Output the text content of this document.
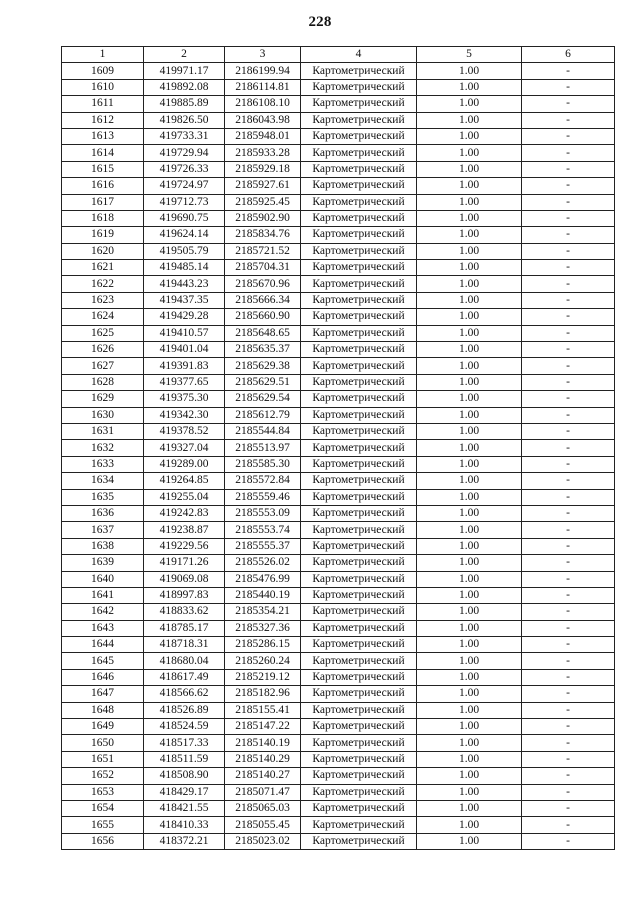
228
1	2	3	4	5	6
1609	419971.17	2186199.94	Картометрический	1.00	-
1610	419892.08	2186114.81	Картометрический	1.00	-
1611	419885.89	2186108.10	Картометрический	1.00	-
1612	419826.50	2186043.98	Картометрический	1.00	-
1613	419733.31	2185948.01	Картометрический	1.00	-
1614	419729.94	2185933.28	Картометрический	1.00	-
1615	419726.33	2185929.18	Картометрический	1.00	-
1616	419724.97	2185927.61	Картометрический	1.00	-
1617	419712.73	2185925.45	Картометрический	1.00	-
1618	419690.75	2185902.90	Картометрический	1.00	-
1619	419624.14	2185834.76	Картометрический	1.00	-
1620	419505.79	2185721.52	Картометрический	1.00	-
1621	419485.14	2185704.31	Картометрический	1.00	-
1622	419443.23	2185670.96	Картометрический	1.00	-
1623	419437.35	2185666.34	Картометрический	1.00	-
1624	419429.28	2185660.90	Картометрический	1.00	-
1625	419410.57	2185648.65	Картометрический	1.00	-
1626	419401.04	2185635.37	Картометрический	1.00	-
1627	419391.83	2185629.38	Картометрический	1.00	-
1628	419377.65	2185629.51	Картометрический	1.00	-
1629	419375.30	2185629.54	Картометрический	1.00	-
1630	419342.30	2185612.79	Картометрический	1.00	-
1631	419378.52	2185544.84	Картометрический	1.00	-
1632	419327.04	2185513.97	Картометрический	1.00	-
1633	419289.00	2185585.30	Картометрический	1.00	-
1634	419264.85	2185572.84	Картометрический	1.00	-
1635	419255.04	2185559.46	Картометрический	1.00	-
1636	419242.83	2185553.09	Картометрический	1.00	-
1637	419238.87	2185553.74	Картометрический	1.00	-
1638	419229.56	2185555.37	Картометрический	1.00	-
1639	419171.26	2185526.02	Картометрический	1.00	-
1640	419069.08	2185476.99	Картометрический	1.00	-
1641	418997.83	2185440.19	Картометрический	1.00	-
1642	418833.62	2185354.21	Картометрический	1.00	-
1643	418785.17	2185327.36	Картометрический	1.00	-
1644	418718.31	2185286.15	Картометрический	1.00	-
1645	418680.04	2185260.24	Картометрический	1.00	-
1646	418617.49	2185219.12	Картометрический	1.00	-
1647	418566.62	2185182.96	Картометрический	1.00	-
1648	418526.89	2185155.41	Картометрический	1.00	-
1649	418524.59	2185147.22	Картометрический	1.00	-
1650	418517.33	2185140.19	Картометрический	1.00	-
1651	418511.59	2185140.29	Картометрический	1.00	-
1652	418508.90	2185140.27	Картометрический	1.00	-
1653	418429.17	2185071.47	Картометрический	1.00	-
1654	418421.55	2185065.03	Картометрический	1.00	-
1655	418410.33	2185055.45	Картометрический	1.00	-
1656	418372.21	2185023.02	Картометрический	1.00	-
